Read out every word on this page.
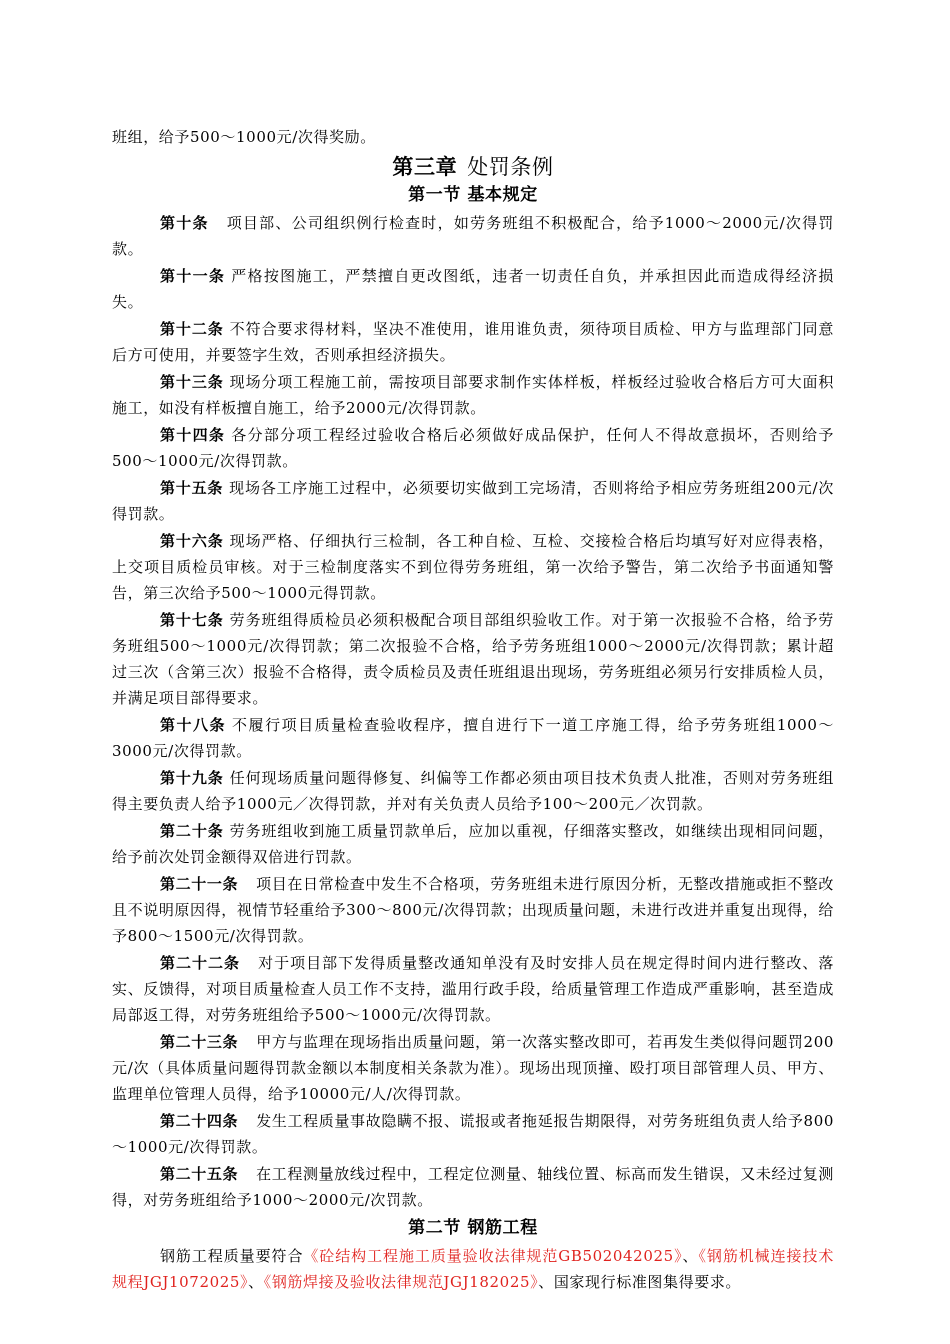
班组，给予500～1000元/次得奖励。

第三章 处罚条例
第一节 基本规定

第十条 项目部、公司组织例行检查时，如劳务班组不积极配合，给予1000～2000元/次得罚款。

第十一条 严格按图施工，严禁擅自更改图纸，违者一切责任自负，并承担因此而造成得经济损失。

第十二条 不符合要求得材料，坚决不准使用，谁用谁负责，须待项目质检、甲方与监理部门同意后方可使用，并要签字生效，否则承担经济损失。

第十三条 现场分项工程施工前，需按项目部要求制作实体样板，样板经过验收合格后方可大面积施工，如没有样板擅自施工，给予2000元/次得罚款。

第十四条 各分部分项工程经过验收合格后必须做好成品保护，任何人不得故意损坏，否则给予500～1000元/次得罚款。

第十五条 现场各工序施工过程中，必须要切实做到工完场清，否则将给予相应劳务班组200元/次得罚款。

第十六条 现场严格、仔细执行三检制，各工种自检、互检、交接检合格后均填写好对应得表格，上交项目质检员审核。对于三检制度落实不到位得劳务班组，第一次给予警告，第二次给予书面通知警告，第三次给予500～1000元得罚款。

第十七条 劳务班组得质检员必须积极配合项目部组织验收工作。对于第一次报验不合格，给予劳务班组500～1000元/次得罚款；第二次报验不合格，给予劳务班组1000～2000元/次得罚款；累计超过三次（含第三次）报验不合格得，责令质检员及责任班组退出现场，劳务班组必须另行安排质检人员，并满足项目部得要求。

第十八条 不履行项目质量检查验收程序，擅自进行下一道工序施工得，给予劳务班组1000～3000元/次得罚款。

第十九条 任何现场质量问题得修复、纠偏等工作都必须由项目技术负责人批准，否则对劳务班组得主要负责人给予1000元／次得罚款，并对有关负责人员给予100～200元／次罚款。

第二十条 劳务班组收到施工质量罚款单后，应加以重视，仔细落实整改，如继续出现相同问题，给予前次处罚金额得双倍进行罚款。

第二十一条 项目在日常检查中发生不合格项，劳务班组未进行原因分析，无整改措施或拒不整改且不说明原因得，视情节轻重给予300～800元/次得罚款；出现质量问题，未进行改进并重复出现得，给予800～1500元/次得罚款。

第二十二条 对于项目部下发得质量整改通知单没有及时安排人员在规定得时间内进行整改、落实、反馈得，对项目质量检查人员工作不支持，滥用行政手段，给质量管理工作造成严重影响，甚至造成局部返工得，对劳务班组给予500～1000元/次得罚款。

第二十三条 甲方与监理在现场指出质量问题，第一次落实整改即可，若再发生类似得问题罚200元/次（具体质量问题得罚款金额以本制度相关条款为准）。现场出现顶撞、殴打项目部管理人员、甲方、监理单位管理人员得，给予10000元/人/次得罚款。

第二十四条 发生工程质量事故隐瞒不报、谎报或者拖延报告期限得，对劳务班组负责人给予800～1000元/次得罚款。

第二十五条 在工程测量放线过程中，工程定位测量、轴线位置、标高而发生错误，又未经过复测得，对劳务班组给予1000～2000元/次罚款。

第二节 钢筋工程

钢筋工程质量要符合《砼结构工程施工质量验收法律规范GB502042025》、《钢筋机械连接技术规程JGJ1072025》、《钢筋焊接及验收法律规范JGJ182025》、国家现行标准图集得要求。
